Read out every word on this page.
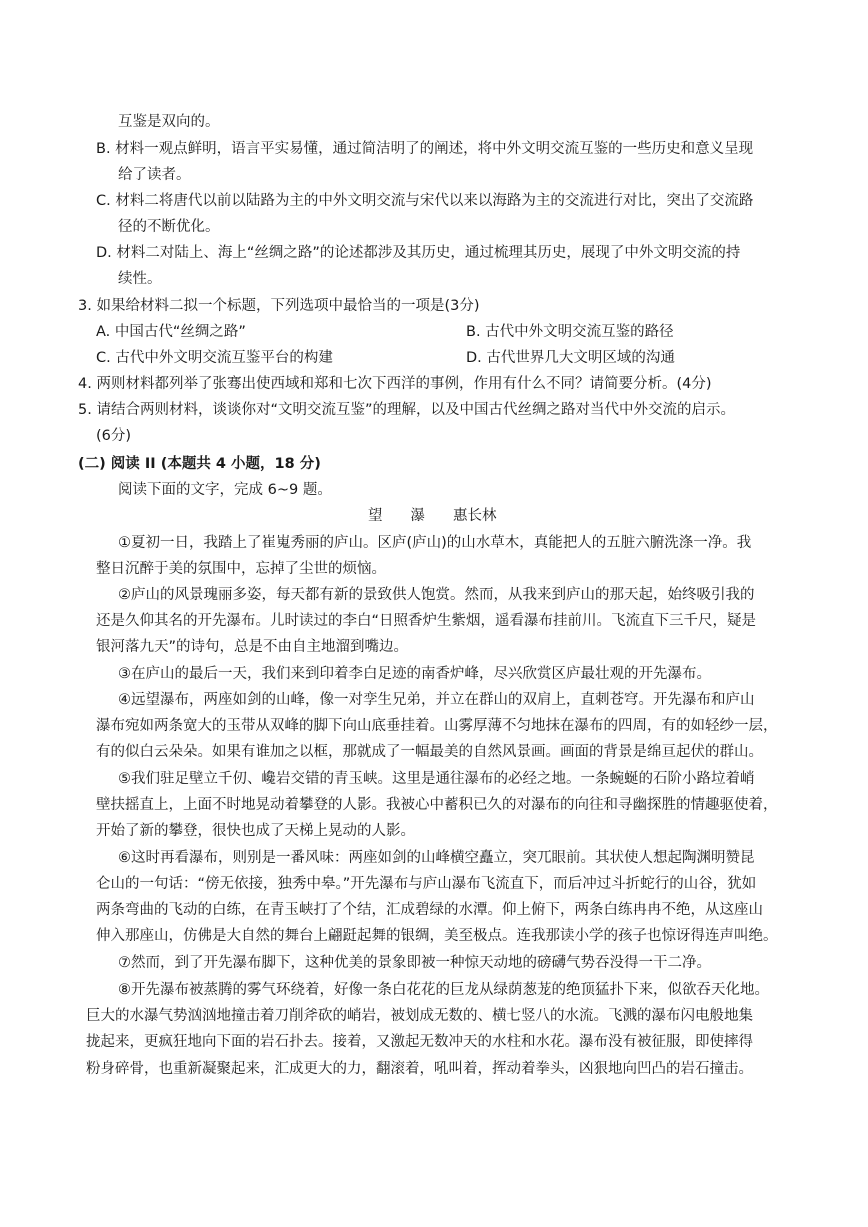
互鉴是双向的。
B. 材料一观点鲜明，语言平实易懂，通过简洁明了的阐述，将中外文明交流互鉴的一些历史和意义呈现
给了读者。
C. 材料二将唐代以前以陆路为主的中外文明交流与宋代以来以海路为主的交流进行对比，突出了交流路
径的不断优化。
D. 材料二对陆上、海上“丝绸之路”的论述都涉及其历史，通过梳理其历史，展现了中外文明交流的持
续性。
3. 如果给材料二拟一个标题，下列选项中最恰当的一项是(3分)
A. 中国古代“丝绸之路”	B. 古代中外文明交流互鉴的路径
C. 古代中外文明交流互鉴平台的构建	D. 古代世界几大文明区域的沟通
4. 两则材料都列举了张骞出使西域和郑和七次下西洋的事例，作用有什么不同？请简要分析。(4分)
5. 请结合两则材料，谈谈你对“文明交流互鉴”的理解，以及中国古代丝绸之路对当代中外交流的启示。
(6分)
(二) 阅读 II (本题共 4 小题，18 分)
阅读下面的文字，完成 6~9 题。
望 瀑 惠长林
①夏初一日，我踏上了崔嵬秀丽的庐山。区庐(庐山)的山水草木，真能把人的五脏六腑洗涤一净。我
整日沉醉于美的氛围中，忘掉了尘世的烦恼。
②庐山的风景瑰丽多姿，每天都有新的景致供人饱赏。然而，从我来到庐山的那天起，始终吸引我的
还是久仰其名的开先瀑布。儿时读过的李白“日照香炉生紫烟，遥看瀑布挂前川。飞流直下三千尺，疑是
银河落九天”的诗句，总是不由自主地溜到嘴边。
③在庐山的最后一天，我们来到印着李白足迹的南香炉峰，尽兴欣赏区庐最壮观的开先瀑布。
④远望瀑布，两座如剑的山峰，像一对孪生兄弟，并立在群山的双肩上，直刺苍穹。开先瀑布和庐山
瀑布宛如两条宽大的玉带从双峰的脚下向山底垂挂着。山雾厚薄不匀地抹在瀑布的四周，有的如轻纱一层，
有的似白云朵朵。如果有谁加之以框，那就成了一幅最美的自然风景画。画面的背景是绵亘起伏的群山。
⑤我们驻足壁立千仞、巉岩交错的青玉峡。这里是通往瀑布的必经之地。一条蜿蜒的石阶小路垃着峭
壁扶摇直上，上面不时地晃动着攀登的人影。我被心中蓄积已久的对瀑布的向往和寻幽探胜的情趣驱使着，
开始了新的攀登，很快也成了天梯上晃动的人影。
⑥这时再看瀑布，则别是一番风味：两座如剑的山峰横空矗立，突兀眼前。其状使人想起陶渊明赞昆
仑山的一句话：“傍无依接，独秀中皋。”开先瀑布与庐山瀑布飞流直下，而后冲过斗折蛇行的山谷，犹如
两条弯曲的飞动的白练，在青玉峡打了个结，汇成碧绿的水潭。仰上俯下，两条白练冉冉不绝，从这座山
伸入那座山，仿佛是大自然的舞台上翩跹起舞的银绸，美至极点。连我那读小学的孩子也惊讶得连声叫绝。
⑦然而，到了开先瀑布脚下，这种优美的景象即被一种惊天动地的磅礴气势吞没得一干二净。
⑧开先瀑布被蒸腾的雾气环绕着，好像一条白花花的巨龙从绿荫葱茏的绝顶猛扑下来，似欲吞天化地。
巨大的水瀑气势汹汹地撞击着刀削斧砍的峭岩，被划成无数的、横七竖八的水流。飞溅的瀑布闪电般地集
拢起来，更疯狂地向下面的岩石扑去。接着，又激起无数冲天的水柱和水花。瀑布没有被征服，即使摔得
粉身碎骨，也重新凝聚起来，汇成更大的力，翻滚着，吼叫着，挥动着拳头，凶狠地向凹凸的岩石撞击。
